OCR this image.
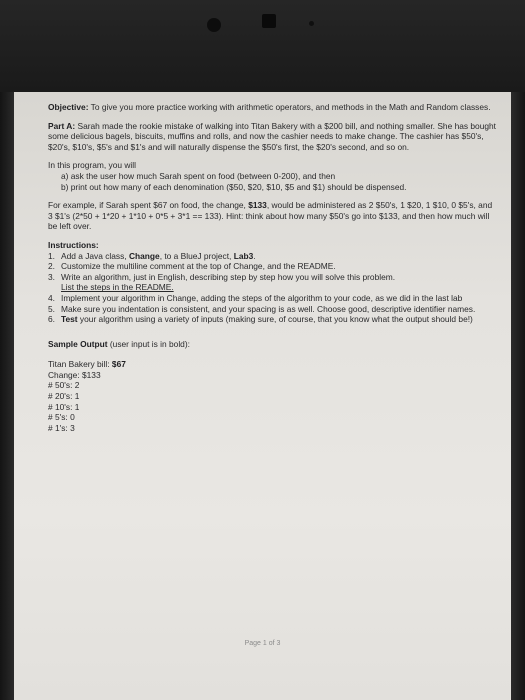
Objective: To give you more practice working with arithmetic operators, and methods in the Math and Random classes.

Part A: Sarah made the rookie mistake of walking into Titan Bakery with a $200 bill, and nothing smaller. She has bought some delicious bagels, biscuits, muffins and rolls, and now the cashier needs to make change. The cashier has $50's, $20's, $10's, $5's and $1's and will naturally dispense the $50's first, the $20's second, and so on.

In this program, you will

a) ask the user how much Sarah spent on food (between 0-200), and then

b) print out how many of each denomination ($50, $20, $10, $5 and $1) should be dispensed.

For example, if Sarah spent $67 on food, the change, $133, would be administered as 2 $50's, 1 $20, 1 $10, 0 $5's, and 3 $1's (2*50 + 1*20 + 1*10 + 0*5 + 3*1 == 133). Hint: think about how many $50's go into $133, and then how much will be left over.

Instructions:

1. Add a Java class, Change, to a BlueJ project, Lab3.
2. Customize the multiline comment at the top of Change, and the README.
3. Write an algorithm, just in English, describing step by step how you will solve this problem.
List the steps in the README.
4. Implement your algorithm in Change, adding the steps of the algorithm to your code, as we did in the last lab
5. Make sure you indentation is consistent, and your spacing is as well. Choose good, descriptive identifier names.
6. Test your algorithm using a variety of inputs (making sure, of course, that you know what the output should be!)

Sample Output (user input is in bold):

Titan Bakery bill: $67

Change: $133

# 50's: 2

# 20's: 1

# 10's: 1

# 5's: 0

# 1's: 3

Page 1 of 3
